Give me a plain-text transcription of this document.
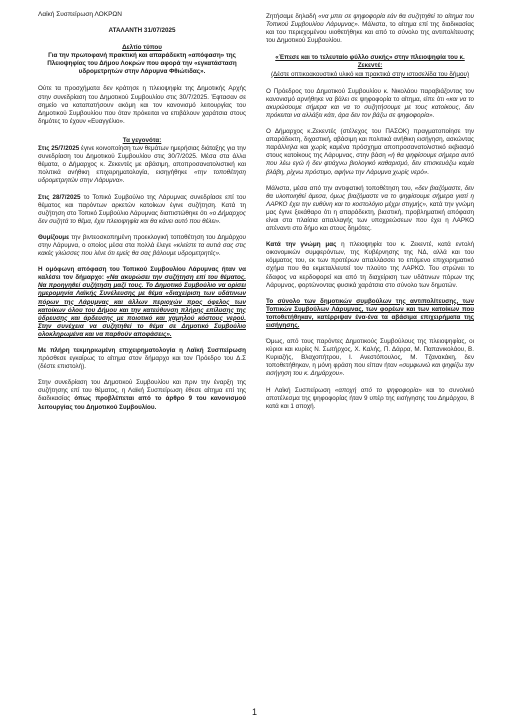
Λαϊκή Συσπείρωση ΛΟΚΡΩΝ

ΑΤΑΛΑΝΤΗ 31/07/2025

Δελτίο τύπου

Για την πρωτοφανή πρακτική και απαράδεκτη «απόφαση» της Πλειοψηφίας του Δήμου Λοκρών που αφορά την «εγκατάσταση υδρομετρητών στην Λάρυμνα Φθιώτιδας».

Ούτε τα προσχήματα δεν κράτησε η πλειοψηφία της Δημοτικής Αρχής στην συνεδρίαση του Δημοτικού Συμβουλίου στις 30/7/2025. Έφτασαν σε σημείο να καταπατήσουν ακόμη και τον κανονισμό λειτουργίας του Δημοτικού Συμβουλίου που όταν πρόκειται να επιβάλουν χαράτσια στους δημότες το έχουν «Ευαγγέλιο».

Τα γεγονότα:

Στις 25/7/2025 έγινε κοινοποίηση των θεμάτων ημερήσιας διάταξης για την συνεδρίαση του Δημοτικού Συμβουλίου στις 30/7/2025. Μέσα στα άλλα θέματα, ο Δήμαρχος κ. Ζεκεντές με αβάσιμη, αποπροσανατολιστική και πολιτικά ανήθικη επιχειρηματολογία, εισηγήθηκε «την τοποθέτηση υδρομετρητών στην Λάρυμνα».

Στις 28/7/2025 το Τοπικό Συμβούλιο της Λάρυμνας συνεδρίασε επί του θέματος και παρόντων αρκετών κατοίκων έγινε συζήτηση. Κατά τη συζήτηση στο Τοπικό Συμβούλιο Λάρυμνας διαπιστώθηκε ότι «ο Δήμαρχος δεν συζητά το θέμα, έχει πλειοψηφία και θα κάνει αυτό που θέλει».

Θυμίζουμε την βιντεοσκοπημένη προεκλογική τοποθέτηση του Δημάρχου στην Λάρυμνα, ο οποίος μέσα στα πολλά έλεγε «κλείστε τα αυτιά σας στις κακές γλώσσες που λένε ότι εμείς θα σας βάλουμε υδρομετρητές».

Η ομόφωνη απόφαση του Τοπικού Συμβουλίου Λάρυμνας ήταν να καλέσει τον δήμαρχο: «Να ακυρώσει την συζήτηση επί του θέματος. Να προηγηθεί συζήτηση μαζί τους. Το Δημοτικό Συμβούλιο να ορίσει ημερομηνία Λαϊκής Συνέλευσης με θέμα «διαχείριση των υδάτινων πόρων της Λάρυμνας και άλλων περιοχών προς όφελος των κατοίκων όλου του Δήμου και την κατεύθυνση πλήρης επίλυσης της ύδρευσης και άρδευσης με ποιοτικό και χαμηλού κόστους νερού. Στην συνέχεια να συζητηθεί το θέμα σε Δημοτικό Συμβούλιο ολοκληρωμένα και να παρθούν αποφάσεις».

Με πλήρη τεκμηριωμένη επιχειρηματολογία η Λαϊκή Συσπείρωση πρόσθεσε εγκαίρως το αίτημα στον δήμαρχο και τον Πρόεδρο του Δ.Σ (δέστε επιστολή).

Στην συνεδρίαση του Δημοτικού Συμβουλίου και πριν την έναρξη της συζήτησης επί του θέματος, η Λαϊκή Συσπείρωση έθεσε αίτημα επί της διαδικασίας όπως προβλέπεται από το άρθρο 9 του κανονισμού λειτουργίας του Δημοτικού Συμβουλίου.

Ζητήσαμε δηλαδή «να μπει σε ψηφοφορία εάν θα συζητηθεί το αίτημα του Τοπικού Συμβουλίου Λάρυμνας». Μάλιστα, το αίτημα επί της διαδικασίας και του περιεχομένου υιοθετήθηκε και από το σύνολο της αντιπολίτευσης του Δημοτικού Συμβουλίου.

«Έπεσε και το τελευταίο φύλλο συκής» στην πλειοψηφία του κ. Ζεκεντέ:

(Δέστε οπτικοακουστικό υλικό και πρακτικά στην ιστοσελίδα του δήμου)

Ο Πρόεδρος του Δημοτικού Συμβουλίου κ. Νικολάου παραβιάζοντας τον κανονισμό αρνήθηκε να βάλει σε ψηφοφορία το αίτημα, είπε ότι «και να το ακυρώσουμε σήμερα και να το συζητήσουμε με τους κατοίκους, δεν πρόκειται να αλλάξει κάτι, άρα δεν τον βάζω σε ψηφοφορία».

Ο Δήμαρχος κ.Ζεκεντές (στέλεχος του ΠΑΣΟΚ) πραγματοποίησε την απαράδεκτη, διχαστική, αβάσιμη και πολιτικά ανήθικη εισήγηση, ασκώντας παράλληλα και χωρίς καμένα πρόσχημα αποπροσανατολιστικό εκβιασμό στους κατοίκους της Λάρυμνας, στην βάση «ή θα ψηφίσουμε σήμερα αυτό που λέω εγώ ή δεν φτιάχνω βιολογικό καθαρισμό, δεν επισκευάζω καμία βλάβη, ρίχνω πρόστιμο, αφήνω την Λάρυμνα χωρίς νερό».

Μάλιστα, μέσα από την αντιφατική τοποθέτηση του, «δεν βιαζόμαστε, δεν θα υλοποιηθεί άμεσα, όμως βιαζόμαστε να το ψηφίσουμε σήμερα γιατί η ΛΑΡΚΟ έχει την ευθύνη και το κοστολόγιο μέχρι στιγμής», κατά την γνώμη μας έγινε ξεκάθαρο ότι η απαράδεκτη, βιαστική, προβληματική απόφαση είναι στα πλαίσια απαλλαγής των υποχρεώσεων που έχει η ΛΑΡΚΟ απέναντι στο δήμο και στους δημότες.

Κατά την γνώμη μας η πλειοψηφία του κ. Ζεκεντέ, κατά εντολή οικονομικών συμφερόντων, της Κυβέρνησης της ΝΔ, αλλά και του κόμματος του, εκ των προτέρων απαλλάσσει το επόμενο επιχειρηματικό σχήμα που θα εκμεταλλευτεί τον πλούτο της ΛΑΡΚΟ. Του στρώνει το έδαφος να κερδοφορεί και από τη διαχείριση των υδάτινων πόρων της Λάρυμνας, φορτώνοντας φυσικά χαράτσια στο σύνολο των δημοτών.

Το σύνολο των δημοτικών συμβούλων της αντιπολίτευσης, των Τοπικών Συμβούλων Λάρυμνας, των φορέων και των κατοίκων που τοποθετήθηκαν, κατέρριψαν ένα-ένα τα αβάσιμα επιχειρήματα της εισήγησης.

Όμως, από τους παρόντες Δημοτικούς Συμβούλους της πλειοψηφίας, οι κύριοι και κυρίες Ν. Σωτήρχος, Χ. Καλής, Π. Δάρρα, Μ. Παπανικολάου, Β. Κυριαζής, Βλαχοπήτρου, Ι. Ανεστόπουλος, Μ. Τζανακάκη, δεν τοποθετήθηκαν, η μόνη φράση που είπαν ήταν «συμφωνώ και ψηφίζω την εισήγηση του κ. Δημάρχου».

Η Λαϊκή Συσπείρωση «αποχή από το ψηφοφορία» και το συνολικό αποτέλεσμα της ψηφοφορίας ήταν 9 υπέρ της εισήγησης του Δημάρχου, 8 κατά και 1 αποχή.

1
